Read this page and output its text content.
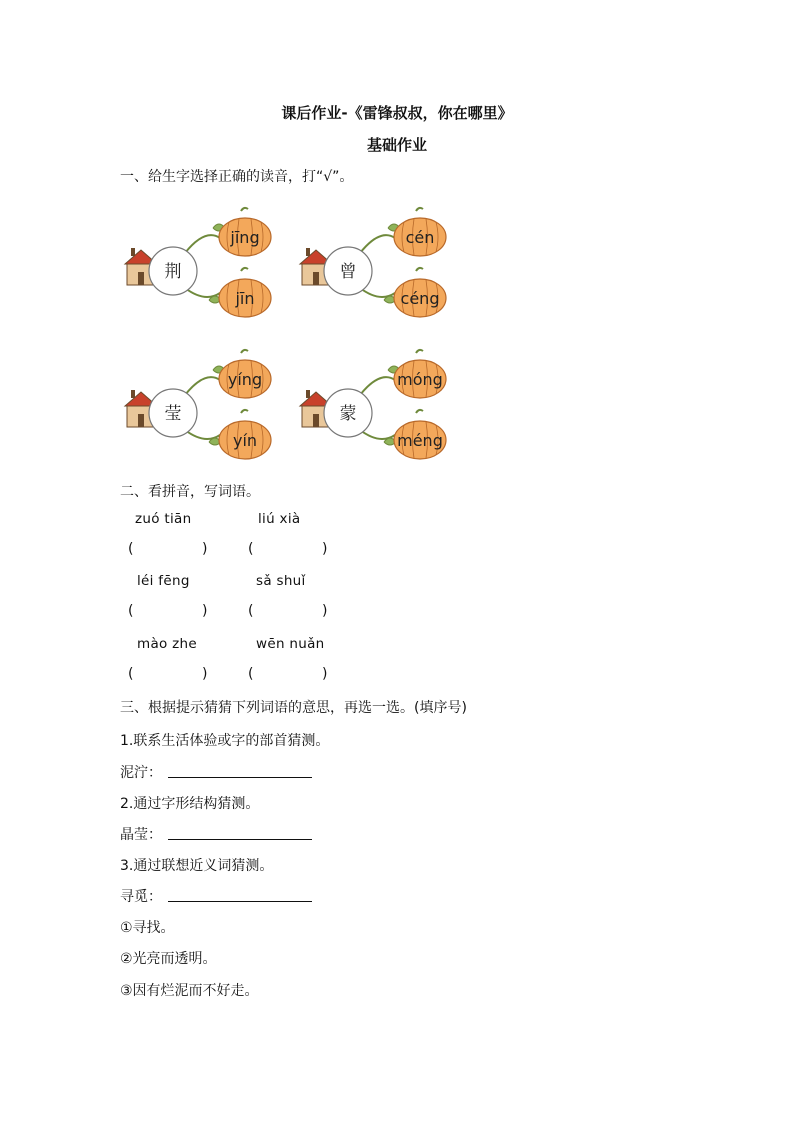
课后作业-《雷锋叔叔，你在哪里》
基础作业
一、给生字选择正确的读音，打“√”。
荆
jīng
jīn
曾
cén
céng
莹
yíng
yín
蒙
móng
méng
二、看拼音，写词语。
zuó tiān	liú xià
(	)	(	)
léi fēng	sǎ shuǐ
(	)	(	)
mào zhe	wēn nuǎn
(	)	(	)
三、根据提示猜猜下列词语的意思，再选一选。(填序号)
1.联系生活体验或字的部首猜测。
泥泞：
2.通过字形结构猜测。
晶莹：
3.通过联想近义词猜测。
寻觅：
①寻找。
②光亮而透明。
③因有烂泥而不好走。
